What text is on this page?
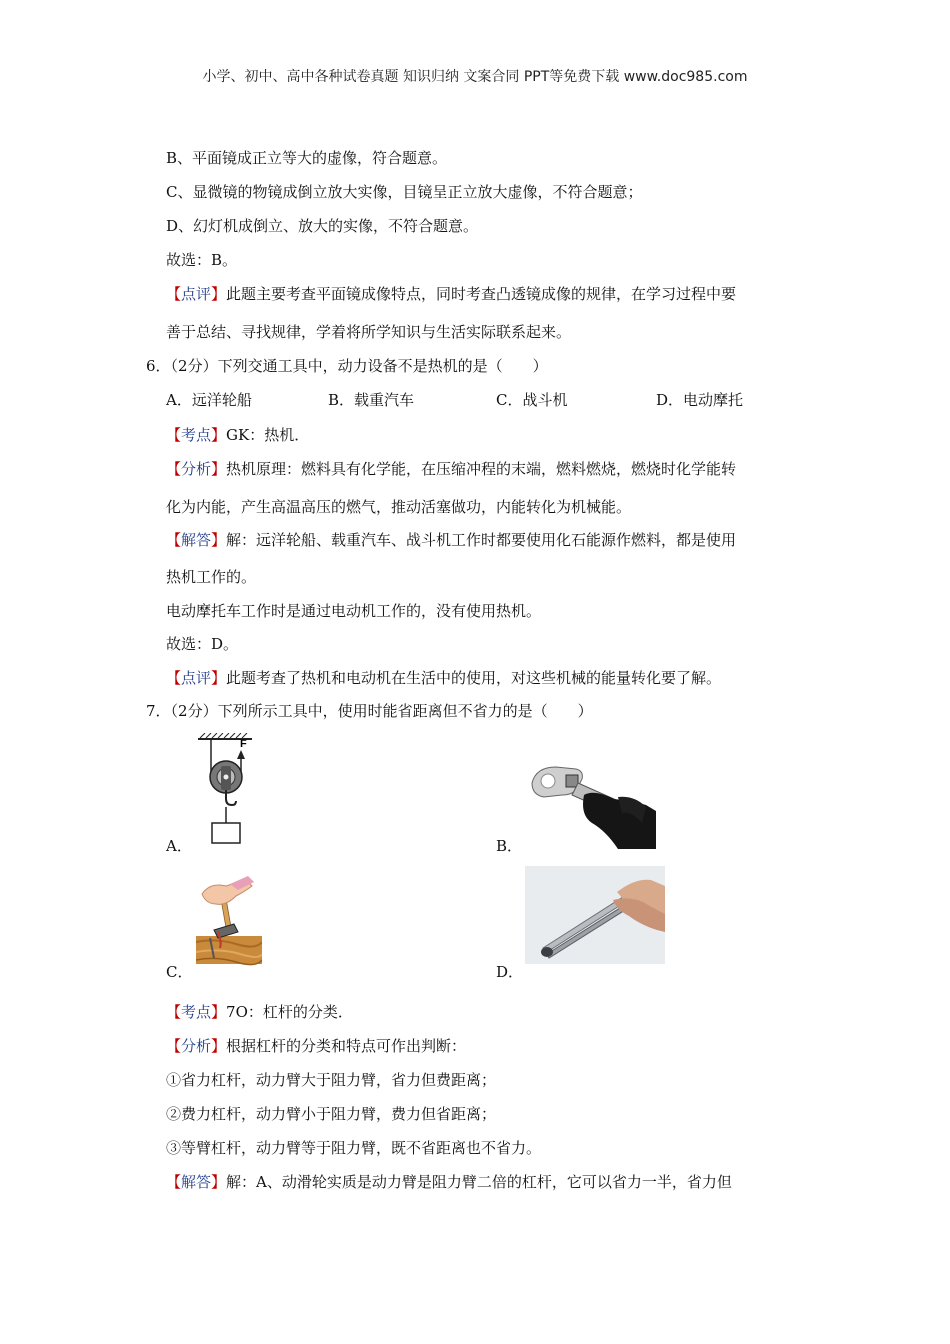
小学、初中、高中各种试卷真题 知识归纳 文案合同 PPT等免费下载 www.doc985.com
B、平面镜成正立等大的虚像，符合题意。
C、显微镜的物镜成倒立放大实像，目镜呈正立放大虚像，不符合题意；
D、幻灯机成倒立、放大的实像，不符合题意。
故选：B。
【点评】此题主要考查平面镜成像特点，同时考查凸透镜成像的规律，在学习过程中要
善于总结、寻找规律，学着将所学知识与生活实际联系起来。
6．（2分）下列交通工具中，动力设备不是热机的是（　　）
A．远洋轮船	B．载重汽车	C．战斗机	D．电动摩托
【考点】GK：热机．
【分析】热机原理：燃料具有化学能，在压缩冲程的末端，燃料燃烧，燃烧时化学能转
化为内能，产生高温高压的燃气，推动活塞做功，内能转化为机械能。
【解答】解：远洋轮船、载重汽车、战斗机工作时都要使用化石能源作燃料，都是使用
热机工作的。
电动摩托车工作时是通过电动机工作的，没有使用热机。
故选：D。
【点评】此题考查了热机和电动机在生活中的使用，对这些机械的能量转化要了解。
7．（2分）下列所示工具中，使用时能省距离但不省力的是（　　）
F
A．	B．
C．	D．
【考点】7O：杠杆的分类．
【分析】根据杠杆的分类和特点可作出判断：
①省力杠杆，动力臂大于阻力臂，省力但费距离；
②费力杠杆，动力臂小于阻力臂，费力但省距离；
③等臂杠杆，动力臂等于阻力臂，既不省距离也不省力。
【解答】解：A、动滑轮实质是动力臂是阻力臂二倍的杠杆，它可以省力一半，省力但
